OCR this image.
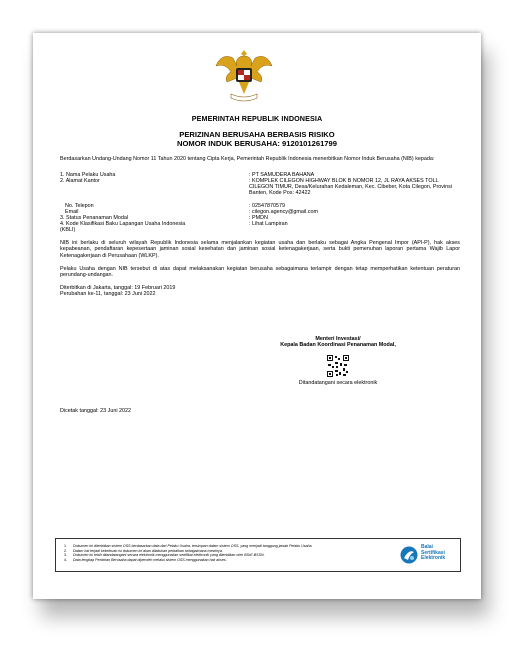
PEMERINTAH REPUBLIK INDONESIA
PERIZINAN BERUSAHA BERBASIS RISIKO
NOMOR INDUK BERUSAHA: 9120101261799
Berdasarkan Undang-Undang Nomor 11 Tahun 2020 tentang Cipta Kerja, Pemerintah Republik Indonesia menerbitkan Nomor Induk Berusaha (NIB) kepada:
1. Nama Pelaku Usaha	: PT SAMUDERA BAHANA
2. Alamat Kantor	: KOMPLEK CILEGON HIGHWAY BLOK B NOMOR 12, JL RAYA AKSES TOLL CILEGON TIMUR, Desa/Kelurahan Kedaleman, Kec. Cibeber, Kota Cilegon, Provinsi Banten, Kode Pos: 42422
No. Telepon	: 02547870579
Email	: cilegon.agency@gmail.com
3. Status Penanaman Modal	: PMDN
4. Kode Klasifikasi Baku Lapangan Usaha Indonesia (KBLI)
: Lihat Lampiran
NIB ini berlaku di seluruh wilayah Republik Indonesia selama menjalankan kegiatan usaha dan berlaku sebagai Angka Pengenal Impor (API-P), hak akses kepabeanan, pendaftaran kepesertaan jaminan sosial kesehatan dan jaminan sosial ketenagakerjaan, serta bukti pemenuhan laporan pertama Wajib Lapor Ketenagakerjaan di Perusahaan (WLKP).
Pelaku Usaha dengan NIB tersebut di atas dapat melaksanakan kegiatan berusaha sebagaimana terlampir dengan tetap memperhatikan ketentuan peraturan perundang-undangan.
Diterbitkan di Jakarta, tanggal: 19 Februari 2019
Perubahan ke-11, tanggal: 23 Juni 2022
Menteri Investasi/
Kepala Badan Koordinasi Penanaman Modal,
Ditandatangani secara elektronik
Dicetak tanggal: 23 Juni 2022
1. Dokumen ini diterbitkan sistem OSS berdasarkan data dari Pelaku Usaha, tersimpan dalam sistem OSS, yang menjadi tanggung jawab Pelaku Usaha.
2. Dalam hal terjadi kekeliruan isi dokumen ini akan dilakukan perbaikan sebagaimana mestinya.
3. Dokumen ini telah ditandatangani secara elektronik menggunakan sertifikat elektronik yang diterbitkan oleh BSrE-BSSN.
4. Data lengkap Perizinan Berusaha dapat diperoleh melalui sistem OSS menggunakan hak akses.
Balai
Sertifikasi
Elektronik
